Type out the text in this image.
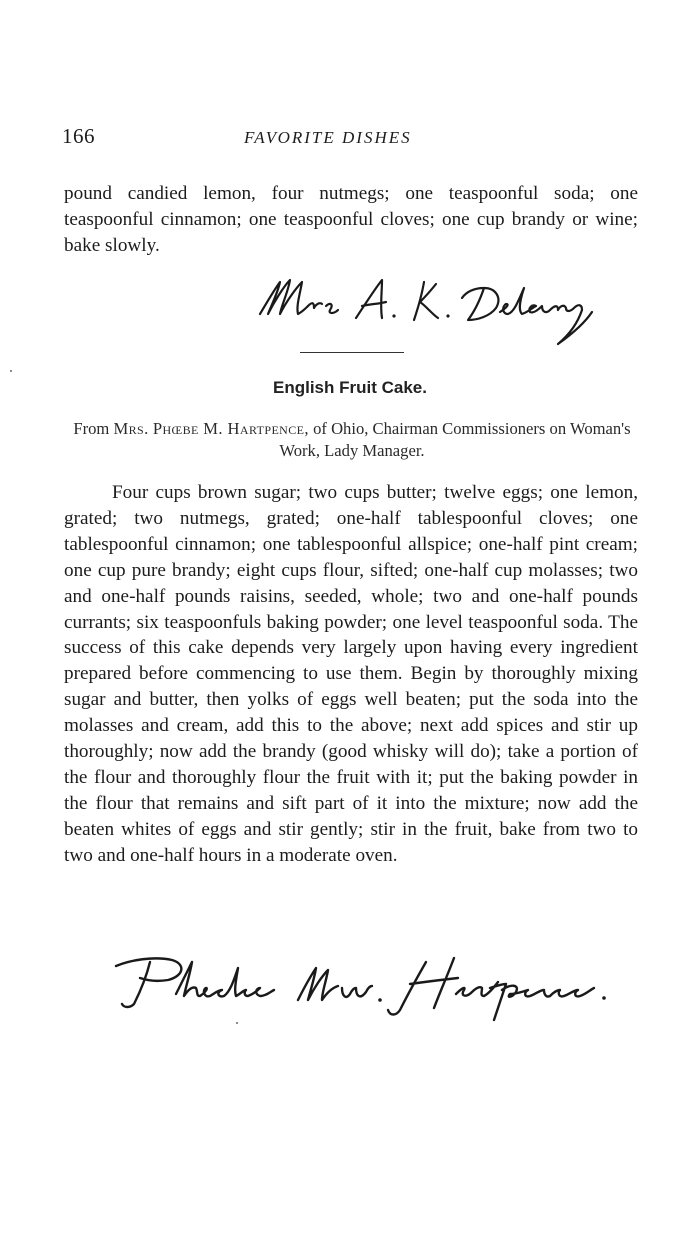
166	FAVORITE DISHES

pound candied lemon, four nutmegs; one teaspoonful soda; one teaspoonful cinnamon; one teaspoonful cloves; one cup brandy or wine; bake slowly.

English Fruit Cake.
From Mrs. Phœbe M. Hartpence, of Ohio, Chairman Commissioners on Woman's Work, Lady Manager.

Four cups brown sugar; two cups butter; twelve eggs; one lemon, grated; two nutmegs, grated; one-half tablespoonful cloves; one tablespoonful cinnamon; one tablespoonful allspice; one-half pint cream; one cup pure brandy; eight cups flour, sifted; one-half cup molasses; two and one-half pounds raisins, seeded, whole; two and one-half pounds currants; six teaspoonfuls baking powder; one level teaspoonful soda. The success of this cake depends very largely upon having every ingredient prepared before commencing to use them. Begin by thoroughly mixing sugar and butter, then yolks of eggs well beaten; put the soda into the molasses and cream, add this to the above; next add spices and stir up thoroughly; now add the brandy (good whisky will do); take a portion of the flour and thoroughly flour the fruit with it; put the baking powder in the flour that remains and sift part of it into the mixture; now add the beaten whites of eggs and stir gently; stir in the fruit, bake from two to two and one-half hours in a moderate oven.
